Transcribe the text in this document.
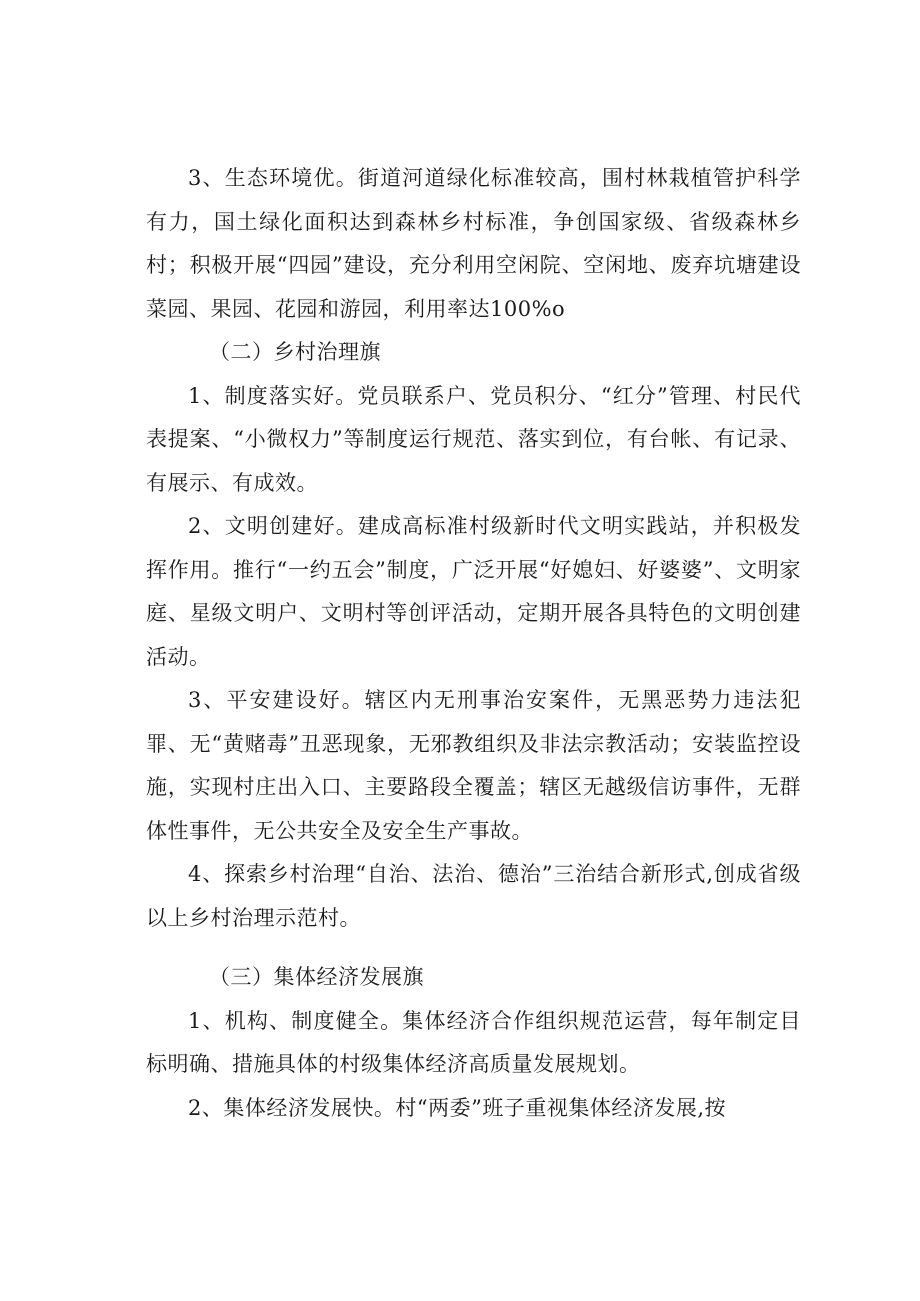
3、生态环境优。街道河道绿化标准较高，围村林栽植管护科学有力，国土绿化面积达到森林乡村标准，争创国家级、省级森林乡村；积极开展“四园”建设，充分利用空闲院、空闲地、废弃坑塘建设菜园、果园、花园和游园，利用率达100%o

（二）乡村治理旗

1、制度落实好。党员联系户、党员积分、“红分”管理、村民代表提案、“小微权力”等制度运行规范、落实到位，有台帐、有记录、有展示、有成效。

2、文明创建好。建成高标准村级新时代文明实践站，并积极发挥作用。推行“一约五会”制度，广泛开展“好媳妇、好婆婆”、文明家庭、星级文明户、文明村等创评活动，定期开展各具特色的文明创建活动。

3、平安建设好。辖区内无刑事治安案件，无黑恶势力违法犯罪、无“黄赌毒”丑恶现象，无邪教组织及非法宗教活动；安装监控设施，实现村庄出入口、主要路段全覆盖；辖区无越级信访事件，无群体性事件，无公共安全及安全生产事故。

4、探索乡村治理“自治、法治、德治”三治结合新形式,创成省级以上乡村治理示范村。

（三）集体经济发展旗

1、机构、制度健全。集体经济合作组织规范运营，每年制定目标明确、措施具体的村级集体经济高质量发展规划。

2、集体经济发展快。村“两委”班子重视集体经济发展,按
